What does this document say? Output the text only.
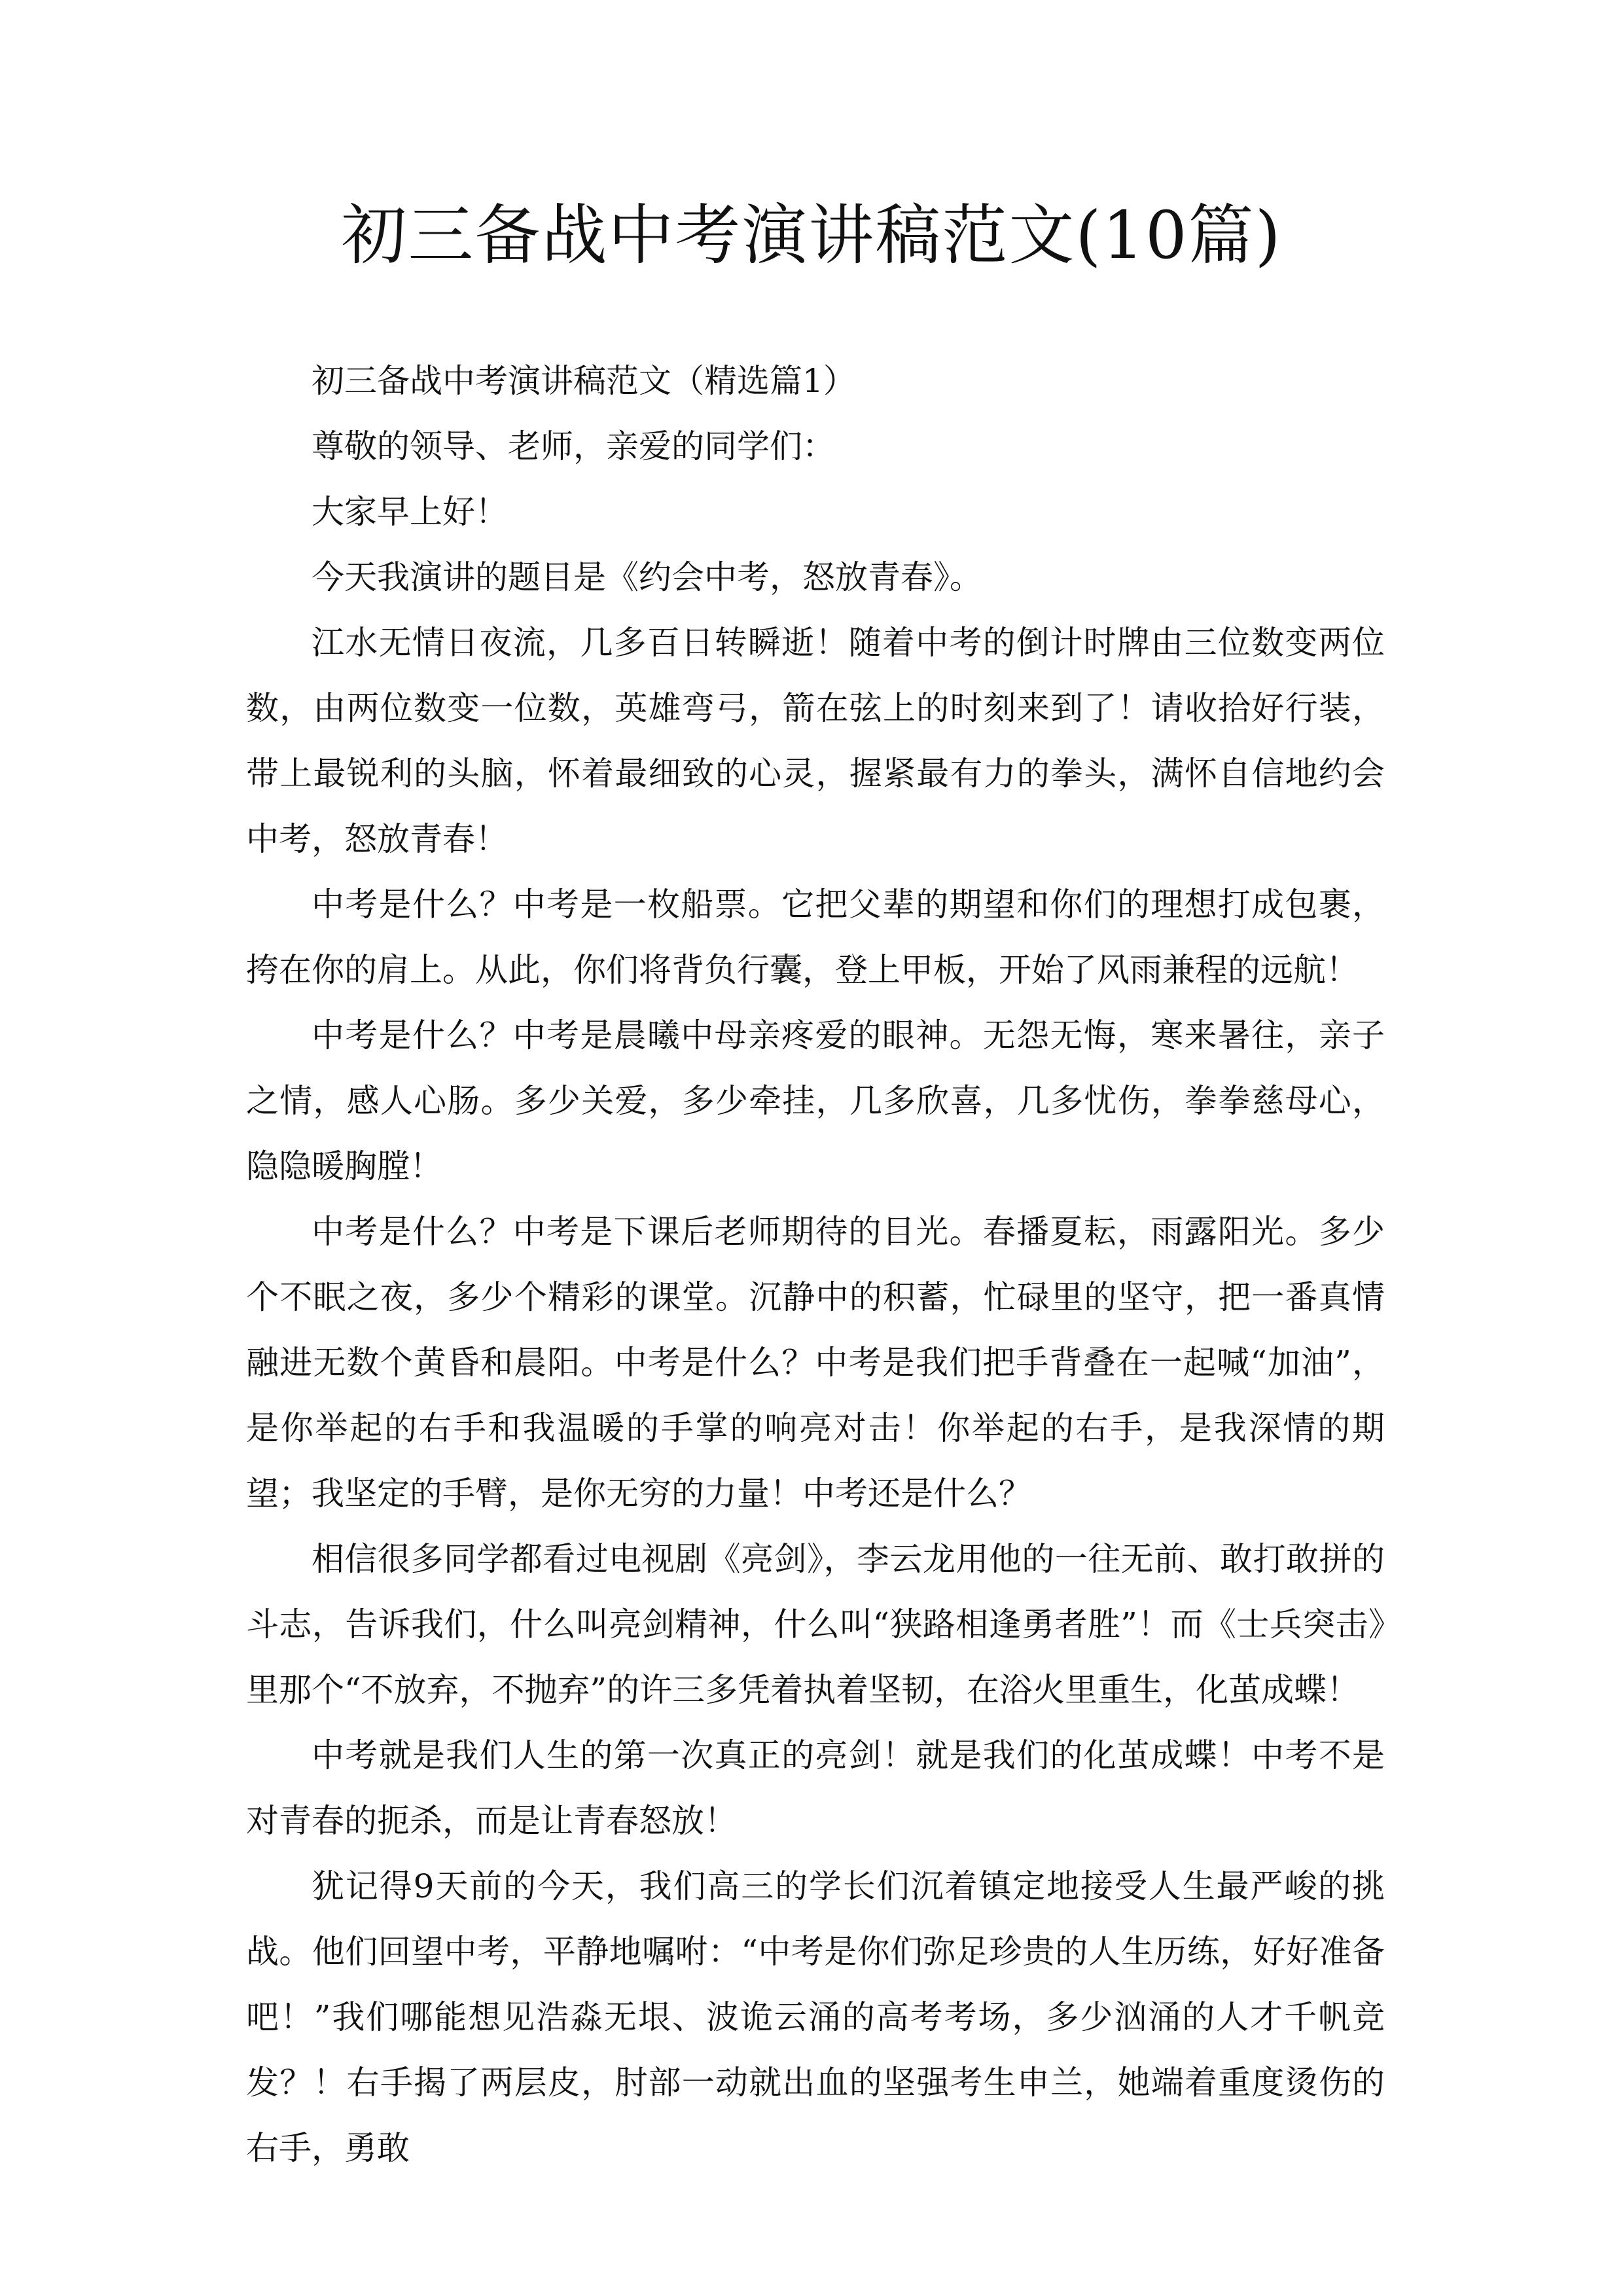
初三备战中考演讲稿范文(10篇)

初三备战中考演讲稿范文（精选篇1）

尊敬的领导、老师，亲爱的同学们：

大家早上好！

今天我演讲的题目是《约会中考，怒放青春》。

江水无情日夜流，几多百日转瞬逝！随着中考的倒计时牌由三位数变两位数，由两位数变一位数，英雄弯弓，箭在弦上的时刻来到了！请收拾好行装，带上最锐利的头脑，怀着最细致的心灵，握紧最有力的拳头，满怀自信地约会中考，怒放青春！

中考是什么？中考是一枚船票。它把父辈的期望和你们的理想打成包裹，挎在你的肩上。从此，你们将背负行囊，登上甲板，开始了风雨兼程的远航！

中考是什么？中考是晨曦中母亲疼爱的眼神。无怨无悔，寒来暑往，亲子之情，感人心肠。多少关爱，多少牵挂，几多欣喜，几多忧伤，拳拳慈母心，隐隐暖胸膛！

中考是什么？中考是下课后老师期待的目光。春播夏耘，雨露阳光。多少个不眠之夜，多少个精彩的课堂。沉静中的积蓄，忙碌里的坚守，把一番真情融进无数个黄昏和晨阳。中考是什么？中考是我们把手背叠在一起喊“加油”，是你举起的右手和我温暖的手掌的响亮对击！你举起的右手，是我深情的期望；我坚定的手臂，是你无穷的力量！中考还是什么？

相信很多同学都看过电视剧《亮剑》，李云龙用他的一往无前、敢打敢拼的斗志，告诉我们，什么叫亮剑精神，什么叫“狭路相逢勇者胜”！而《士兵突击》里那个“不放弃，不抛弃”的许三多凭着执着坚韧，在浴火里重生，化茧成蝶！

中考就是我们人生的第一次真正的亮剑！就是我们的化茧成蝶！中考不是对青春的扼杀，而是让青春怒放！

犹记得9天前的今天，我们高三的学长们沉着镇定地接受人生最严峻的挑战。他们回望中考，平静地嘱咐：“中考是你们弥足珍贵的人生历练，好好准备吧！”我们哪能想见浩淼无垠、波诡云涌的高考考场，多少汹涌的人才千帆竞发？！右手揭了两层皮，肘部一动就出血的坚强考生申兰，她端着重度烫伤的右手，勇敢
